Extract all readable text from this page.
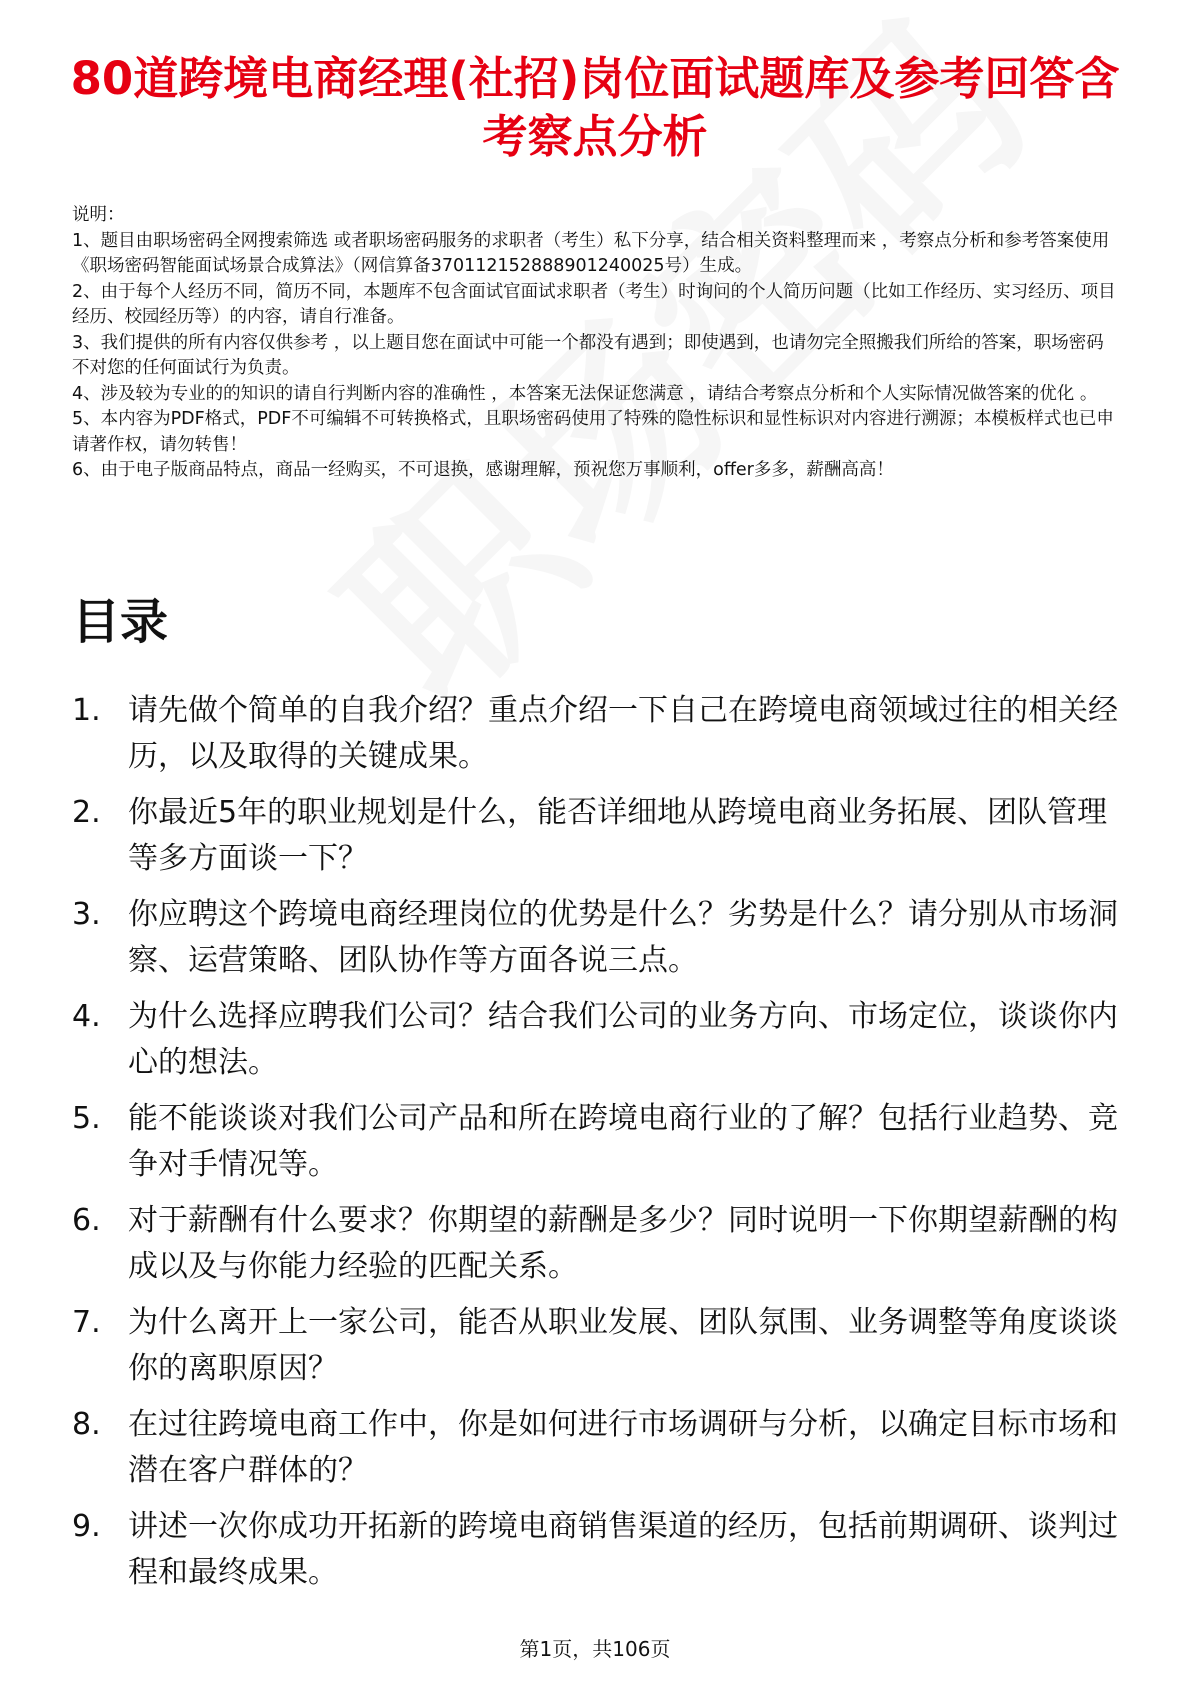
80道跨境电商经理(社招)岗位面试题库及参考回答含考察点分析

说明：

1、题目由职场密码全网搜索筛选 或者职场密码服务的求职者（考生）私下分享，结合相关资料整理而来 ，考察点分析和参考答案使用《职场密码智能面试场景合成算法》（网信算备370112152888901240025号）生成。

2、由于每个人经历不同，简历不同，本题库不包含面试官面试求职者（考生）时询问的个人简历问题（比如工作经历、实习经历、项目经历、校园经历等）的内容，请自行准备。

3、我们提供的所有内容仅供参考 ，以上题目您在面试中可能一个都没有遇到；即使遇到，也请勿完全照搬我们所给的答案，职场密码不对您的任何面试行为负责。

4、涉及较为专业的的知识的请自行判断内容的准确性 ，本答案无法保证您满意 ，请结合考察点分析和个人实际情况做答案的优化 。

5、本内容为PDF格式，PDF不可编辑不可转换格式，且职场密码使用了特殊的隐性标识和显性标识对内容进行溯源；本模板样式也已申请著作权，请勿转售！

6、由于电子版商品特点，商品一经购买，不可退换，感谢理解，预祝您万事顺利，offer多多，薪酬高高！

目录
1. 请先做个简单的自我介绍？重点介绍一下自己在跨境电商领域过往的相关经历，以及取得的关键成果。
2. 你最近5年的职业规划是什么，能否详细地从跨境电商业务拓展、团队管理等多方面谈一下？
3. 你应聘这个跨境电商经理岗位的优势是什么？劣势是什么？请分别从市场洞察、运营策略、团队协作等方面各说三点。
4. 为什么选择应聘我们公司？结合我们公司的业务方向、市场定位，谈谈你内心的想法。
5. 能不能谈谈对我们公司产品和所在跨境电商行业的了解？包括行业趋势、竞争对手情况等。
6. 对于薪酬有什么要求？你期望的薪酬是多少？同时说明一下你期望薪酬的构成以及与你能力经验的匹配关系。
7. 为什么离开上一家公司，能否从职业发展、团队氛围、业务调整等角度谈谈你的离职原因？
8. 在过往跨境电商工作中，你是如何进行市场调研与分析，以确定目标市场和潜在客户群体的？
9. 讲述一次你成功开拓新的跨境电商销售渠道的经历，包括前期调研、谈判过程和最终成果。
第1页，共106页
